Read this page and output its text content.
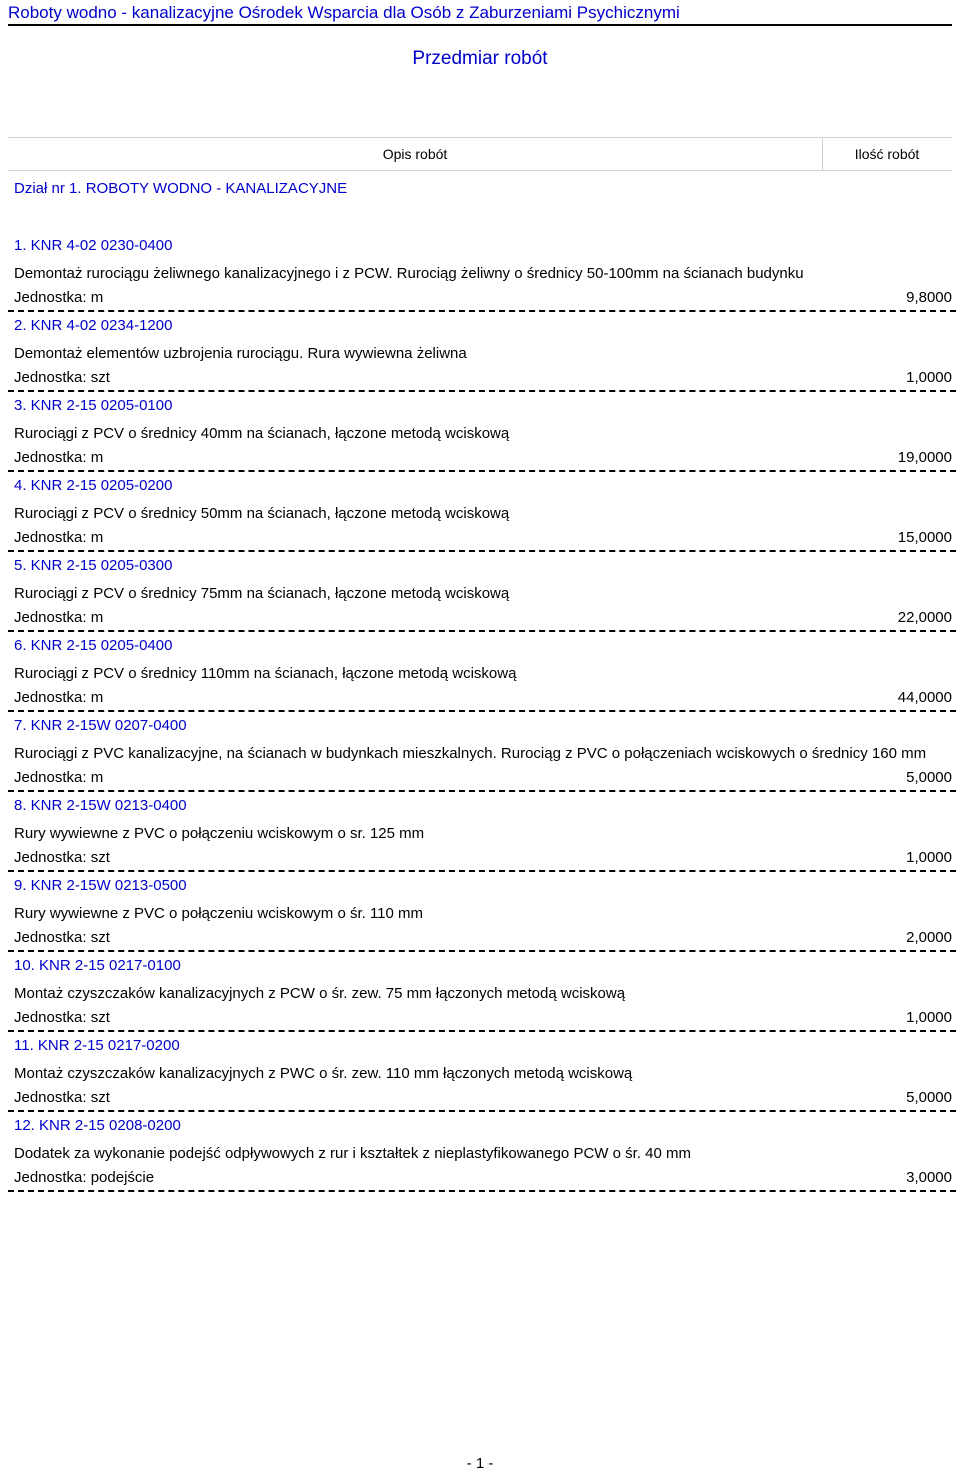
Roboty wodno - kanalizacyjne Ośrodek Wsparcia dla Osób z Zaburzeniami Psychicznymi
Przedmiar robót
Opis robót	Ilość robót
Dział nr 1. ROBOTY WODNO - KANALIZACYJNE
1. KNR 4-02 0230-0400
Demontaż rurociągu żeliwnego kanalizacyjnego i z PCW. Rurociąg żeliwny o średnicy 50-100mm na ścianach budynku
Jednostka: m	9,8000
2. KNR 4-02 0234-1200
Demontaż elementów uzbrojenia rurociągu. Rura wywiewna żeliwna
Jednostka: szt	1,0000
3. KNR 2-15 0205-0100
Rurociągi z PCV o średnicy 40mm na ścianach, łączone metodą wciskową
Jednostka: m	19,0000
4. KNR 2-15 0205-0200
Rurociągi z PCV o średnicy 50mm na ścianach, łączone metodą wciskową
Jednostka: m	15,0000
5. KNR 2-15 0205-0300
Rurociągi z PCV o średnicy 75mm na ścianach, łączone metodą wciskową
Jednostka: m	22,0000
6. KNR 2-15 0205-0400
Rurociągi z PCV o średnicy 110mm na ścianach, łączone metodą wciskową
Jednostka: m	44,0000
7. KNR 2-15W 0207-0400
Rurociągi z PVC kanalizacyjne, na ścianach w budynkach mieszkalnych. Rurociąg z PVC o połączeniach wciskowych o średnicy 160 mm
Jednostka: m	5,0000
8. KNR 2-15W 0213-0400
Rury wywiewne z PVC o połączeniu wciskowym o sr. 125 mm
Jednostka: szt	1,0000
9. KNR 2-15W 0213-0500
Rury wywiewne z PVC o połączeniu wciskowym o śr. 110 mm
Jednostka: szt	2,0000
10. KNR 2-15 0217-0100
Montaż czyszczaków kanalizacyjnych z PCW o śr. zew. 75 mm łączonych metodą wciskową
Jednostka: szt	1,0000
11. KNR 2-15 0217-0200
Montaż czyszczaków kanalizacyjnych z PWC o śr. zew. 110 mm łączonych metodą wciskową
Jednostka: szt	5,0000
12. KNR 2-15 0208-0200
Dodatek za wykonanie podejść odpływowych z rur i kształtek z nieplastyfikowanego PCW o śr. 40 mm
Jednostka: podejście	3,0000
- 1 -
